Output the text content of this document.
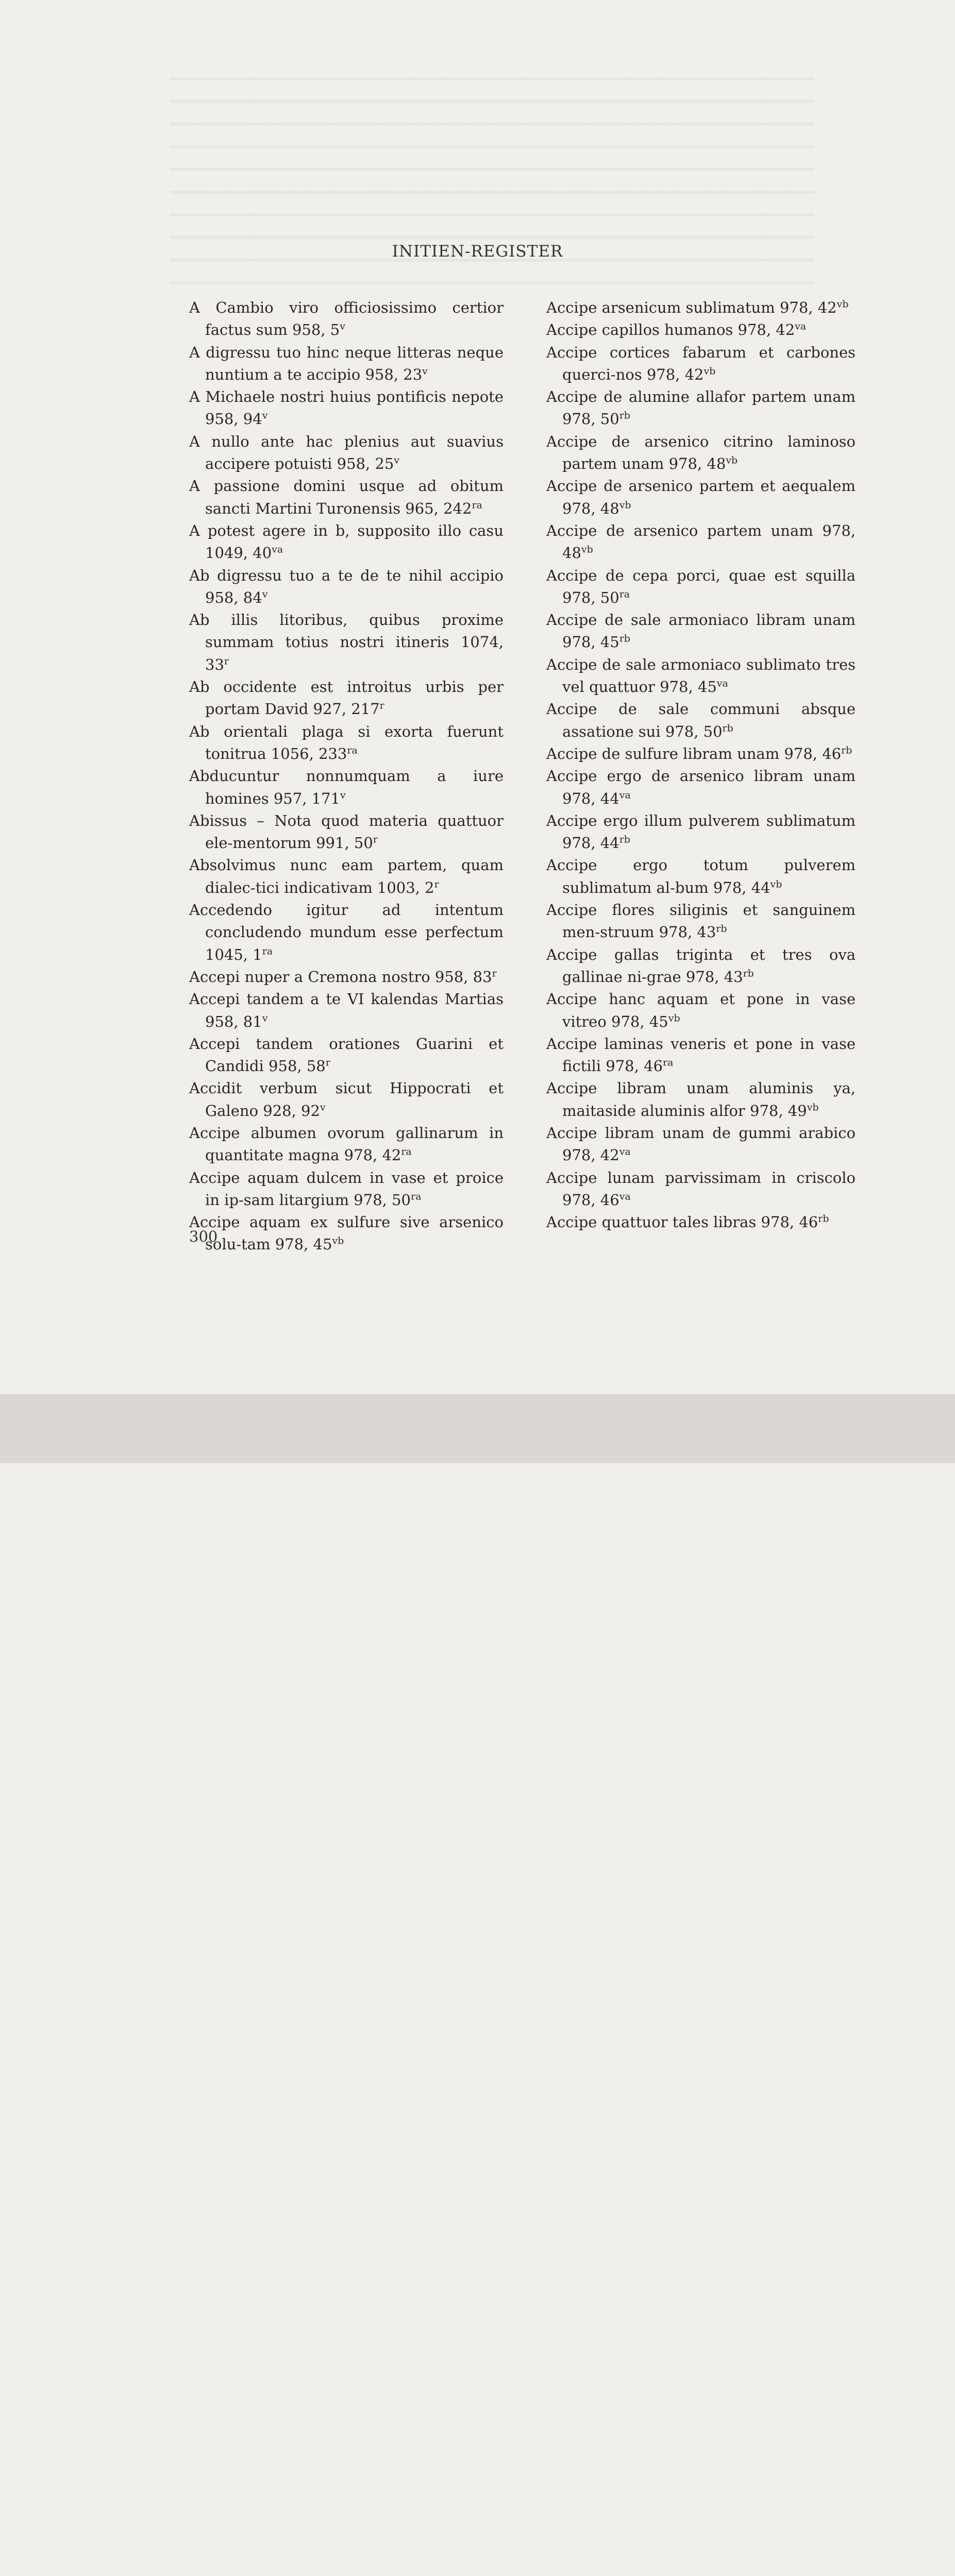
INITIEN-REGISTER

A Cambio viro officiosissimo certior factus sum 958, 5$^v$

A digressu tuo hinc neque litteras neque nuntium a te accipio 958, 23$^v$

A Michaele nostri huius pontificis nepote 958, 94$^v$

A nullo ante hac plenius aut suavius accipere potuisti 958, 25$^v$

A passione domini usque ad obitum sancti Martini Turonensis 965, $242^{ra}$

A potest agere in b, supposito illo casu 1049, $40^{va}$

Ab digressu tuo a te de te nihil accipio 958, 84$^v$

Ab illis litoribus, quibus proxime summam totius nostri itineris 1074, 33$^r$

Ab occidente est introitus urbis per portam David 927, 217$^r$

Ab orientali plaga si exorta fuerunt tonitrua 1056, $233^{ra}$

Abducuntur nonnumquam a iure homines 957, 171$^v$

Abissus – Nota quod materia quattuor ele-mentorum 991, 50$^r$

Absolvimus nunc eam partem, quam dialec-tici indicativam 1003, 2$^r$

Accedendo igitur ad intentum concludendo mundum esse perfectum 1045, $1^{ra}$

Accepi nuper a Cremona nostro 958, 83$^r$

Accepi tandem a te VI kalendas Martias 958, 81$^v$

Accepi tandem orationes Guarini et Candidi 958, 58$^r$

Accidit verbum sicut Hippocrati et Galeno 928, 92$^v$

Accipe albumen ovorum gallinarum in quantitate magna 978, $42^{ra}$

Accipe aquam dulcem in vase et proice in ip-sam litargium 978, $50^{ra}$

Accipe aquam ex sulfure sive arsenico solu-tam 978, $45^{vb}$

Accipe arsenicum sublimatum 978, $42^{vb}$

Accipe capillos humanos 978, $42^{va}$

Accipe cortices fabarum et carbones querci-nos 978, $42^{vb}$

Accipe de alumine allafor partem unam 978, $50^{rb}$

Accipe de arsenico citrino laminoso partem unam 978, $48^{vb}$

Accipe de arsenico partem et aequalem 978, $48^{vb}$

Accipe de arsenico partem unam 978, $48^{vb}$

Accipe de cepa porci, quae est squilla 978, $50^{ra}$

Accipe de sale armoniaco libram unam 978, $45^{rb}$

Accipe de sale armoniaco sublimato tres vel quattuor 978, $45^{va}$

Accipe de sale communi absque assatione sui 978, $50^{rb}$

Accipe de sulfure libram unam 978, $46^{rb}$

Accipe ergo de arsenico libram unam 978, $44^{va}$

Accipe ergo illum pulverem sublimatum 978, $44^{rb}$

Accipe ergo totum pulverem sublimatum al-bum 978, $44^{vb}$

Accipe flores siliginis et sanguinem men-struum 978, $43^{rb}$

Accipe gallas triginta et tres ova gallinae ni-grae 978, $43^{rb}$

Accipe hanc aquam et pone in vase vitreo 978, $45^{vb}$

Accipe laminas veneris et pone in vase fictili 978, $46^{ra}$

Accipe libram unam aluminis ya, maitaside aluminis alfor 978, $49^{vb}$

Accipe libram unam de gummi arabico 978, $42^{va}$

Accipe lunam parvissimam in criscolo 978, $46^{va}$

Accipe quattuor tales libras 978, $46^{rb}$

300
